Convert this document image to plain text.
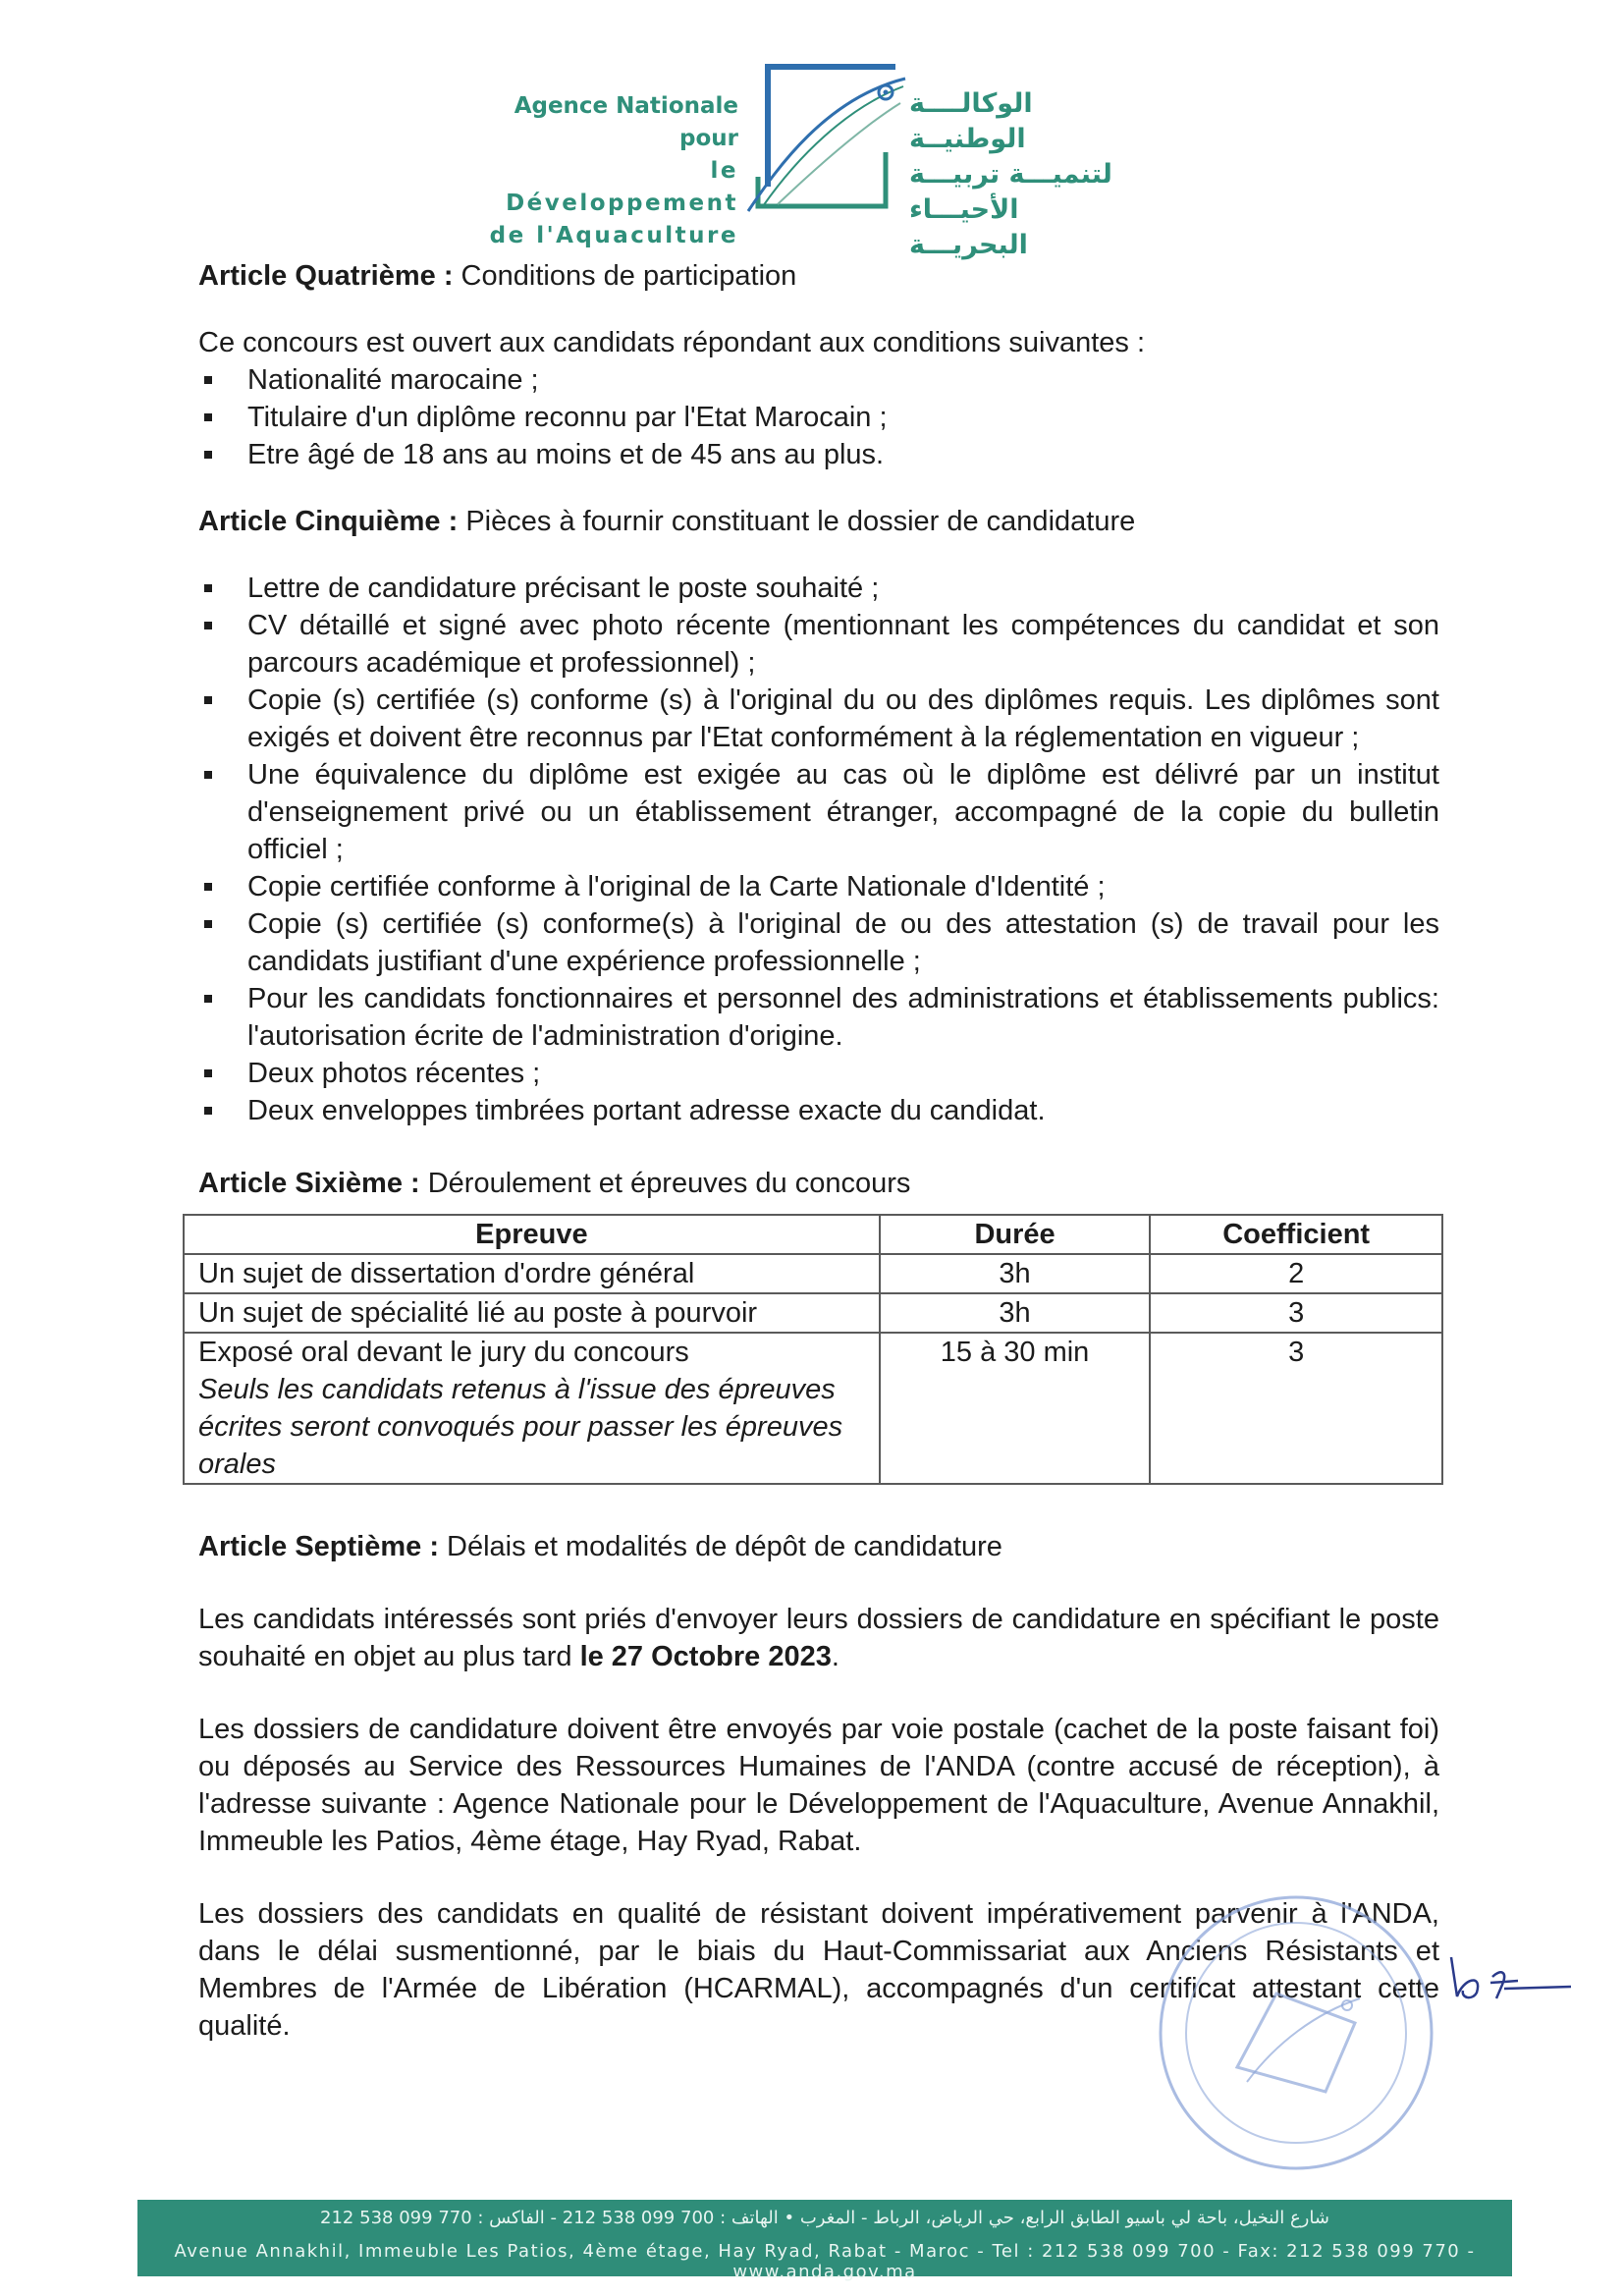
Agence Nationale pour
le Développement
de l'Aquaculture
الوكالــــة الوطنيــة
لتنميـــة تربيـــة
الأحيـــاء البحريـــة

Article Quatrième : Conditions de participation

Ce concours est ouvert aux candidats répondant aux conditions suivantes :

Nationalité marocaine ;
Titulaire d'un diplôme reconnu par l'Etat Marocain ;
Etre âgé de 18 ans au moins et de 45 ans au plus.

Article Cinquième : Pièces à fournir constituant le dossier de candidature

Lettre de candidature précisant le poste souhaité ;
CV détaillé et signé avec photo récente (mentionnant les compétences du candidat et son parcours académique et professionnel) ;
Copie (s) certifiée (s) conforme (s) à l'original du ou des diplômes requis. Les diplômes sont exigés et doivent être reconnus par l'Etat conformément à la réglementation en vigueur ;
Une équivalence du diplôme est exigée au cas où le diplôme est délivré par un institut d'enseignement privé ou un établissement étranger, accompagné de la copie du bulletin officiel ;
Copie certifiée conforme à l'original de la Carte Nationale d'Identité ;
Copie (s) certifiée (s) conforme(s) à l'original de ou des attestation (s) de travail pour les candidats justifiant d'une expérience professionnelle ;
Pour les candidats fonctionnaires et personnel des administrations et établissements publics: l'autorisation écrite de l'administration d'origine.
Deux photos récentes ;
Deux enveloppes timbrées portant adresse exacte du candidat.

Article Sixième : Déroulement et épreuves du concours

Epreuve	Durée	Coefficient
Un sujet de dissertation d'ordre général	3h	2
Un sujet de spécialité lié au poste à pourvoir	3h	3

Exposé oral devant le jury du concours
Seuls les candidats retenus à l'issue des épreuves écrites seront convoqués pour passer les épreuves orales	15 à 30 min	3

Article Septième : Délais et modalités de dépôt de candidature

Les candidats intéressés sont priés d'envoyer leurs dossiers de candidature en spécifiant le poste souhaité en objet au plus tard le 27 Octobre 2023.

Les dossiers de candidature doivent être envoyés par voie postale (cachet de la poste faisant foi) ou déposés au Service des Ressources Humaines de l'ANDA (contre accusé de réception), à l'adresse suivante : Agence Nationale pour le Développement de l'Aquaculture, Avenue Annakhil, Immeuble les Patios, 4ème étage, Hay Ryad, Rabat.

Les dossiers des candidats en qualité de résistant doivent impérativement parvenir à l'ANDA, dans le délai susmentionné, par le biais du Haut-Commissariat aux Anciens Résistants et Membres de l'Armée de Libération (HCARMAL), accompagnés d'un certificat attestant cette qualité.

شارع النخيل، باحة لي باسيو الطابق الرابع، حي الرياض، الرباط - المغرب • الهاتف : 700 099 538 212 - الفاكس : 770 099 538 212
Avenue Annakhil, Immeuble Les Patios, 4ème étage, Hay Ryad, Rabat - Maroc - Tel : 212 538 099 700 - Fax: 212 538 099 770 - www.anda.gov.ma
